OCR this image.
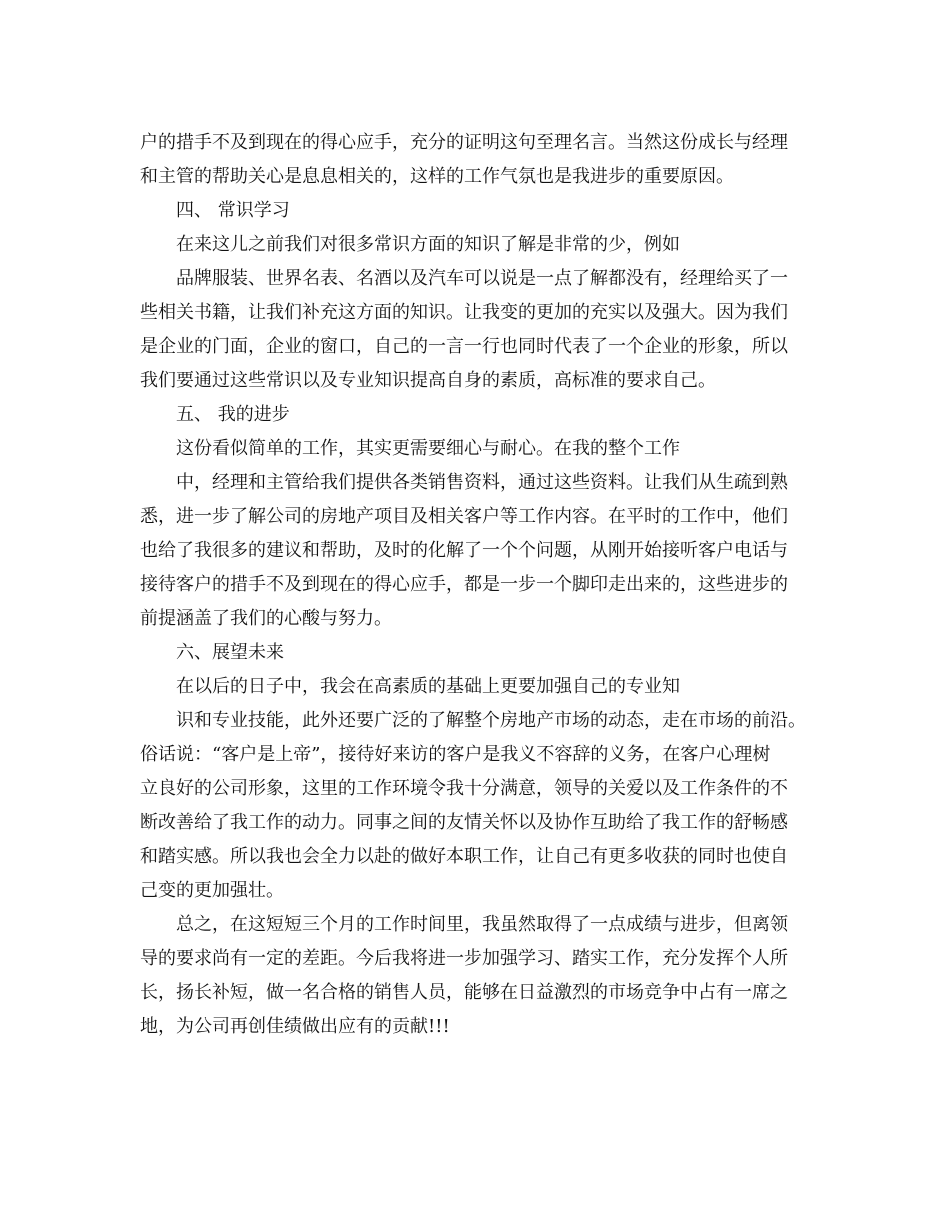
户的措手不及到现在的得心应手，充分的证明这句至理名言。当然这份成长与经理
和主管的帮助关心是息息相关的，这样的工作气氛也是我进步的重要原因。
四、 常识学习
在来这儿之前我们对很多常识方面的知识了解是非常的少，例如
品牌服装、世界名表、名酒以及汽车可以说是一点了解都没有，经理给买了一
些相关书籍，让我们补充这方面的知识。让我变的更加的充实以及强大。因为我们
是企业的门面，企业的窗口，自己的一言一行也同时代表了一个企业的形象，所以
我们要通过这些常识以及专业知识提高自身的素质，高标准的要求自己。
五、 我的进步
这份看似简单的工作，其实更需要细心与耐心。在我的整个工作
中，经理和主管给我们提供各类销售资料，通过这些资料。让我们从生疏到熟
悉，进一步了解公司的房地产项目及相关客户等工作内容。在平时的工作中，他们
也给了我很多的建议和帮助，及时的化解了一个个问题，从刚开始接听客户电话与
接待客户的措手不及到现在的得心应手，都是一步一个脚印走出来的，这些进步的
前提涵盖了我们的心酸与努力。
六、展望未来
在以后的日子中，我会在高素质的基础上更要加强自己的专业知
识和专业技能，此外还要广泛的了解整个房地产市场的动态，走在市场的前沿。
俗话说：“客户是上帝”，接待好来访的客户是我义不容辞的义务，在客户心理树
立良好的公司形象，这里的工作环境令我十分满意，领导的关爱以及工作条件的不
断改善给了我工作的动力。同事之间的友情关怀以及协作互助给了我工作的舒畅感
和踏实感。所以我也会全力以赴的做好本职工作，让自己有更多收获的同时也使自
己变的更加强壮。
总之，在这短短三个月的工作时间里，我虽然取得了一点成绩与进步，但离领
导的要求尚有一定的差距。今后我将进一步加强学习、踏实工作，充分发挥个人所
长，扬长补短，做一名合格的销售人员，能够在日益激烈的市场竞争中占有一席之
地，为公司再创佳绩做出应有的贡献!!!
